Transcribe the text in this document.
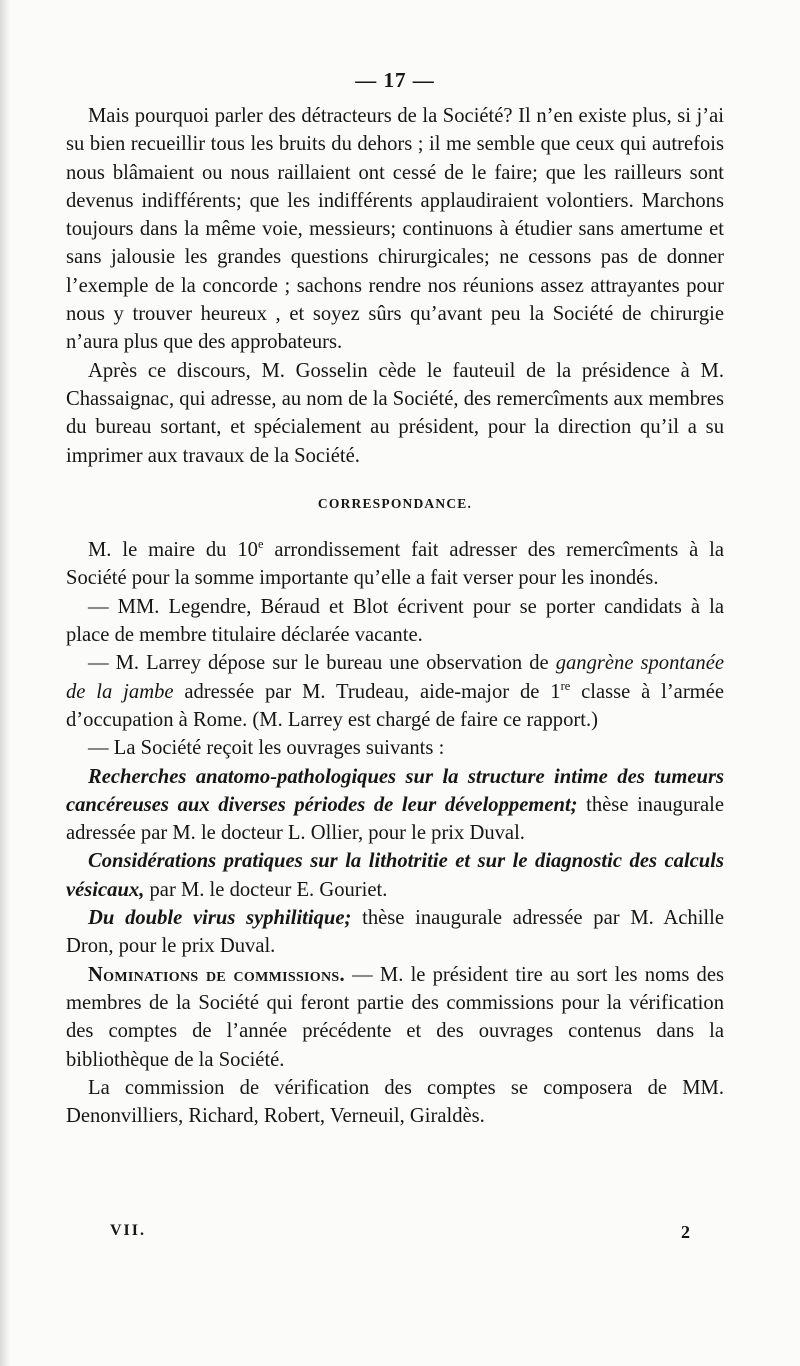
— 17 —

Mais pourquoi parler des détracteurs de la Société? Il n’en existe plus, si j’ai su bien recueillir tous les bruits du dehors ; il me semble que ceux qui autrefois nous blâmaient ou nous raillaient ont cessé de le faire; que les railleurs sont devenus indifférents; que les indifférents applaudiraient volontiers. Marchons toujours dans la même voie, messieurs; continuons à étudier sans amertume et sans jalousie les grandes questions chirurgicales; ne cessons pas de donner l’exemple de la concorde ; sachons rendre nos réunions assez attrayantes pour nous y trouver heureux , et soyez sûrs qu’avant peu la Société de chirurgie n’aura plus que des approbateurs.

Après ce discours, M. Gosselin cède le fauteuil de la présidence à M. Chassaignac, qui adresse, au nom de la Société, des remercîments aux membres du bureau sortant, et spécialement au président, pour la direction qu’il a su imprimer aux travaux de la Société.

CORRESPONDANCE.

M. le maire du 10e arrondissement fait adresser des remercîments à la Société pour la somme importante qu’elle a fait verser pour les inondés.

— MM. Legendre, Béraud et Blot écrivent pour se porter candidats à la place de membre titulaire déclarée vacante.

— M. Larrey dépose sur le bureau une observation de gangrène spontanée de la jambe adressée par M. Trudeau, aide-major de 1re classe à l’armée d’occupation à Rome. (M. Larrey est chargé de faire ce rapport.)

— La Société reçoit les ouvrages suivants :

Recherches anatomo-pathologiques sur la structure intime des tumeurs cancéreuses aux diverses périodes de leur développement; thèse inaugurale adressée par M. le docteur L. Ollier, pour le prix Duval.

Considérations pratiques sur la lithotritie et sur le diagnostic des calculs vésicaux, par M. le docteur E. Gouriet.

Du double virus syphilitique; thèse inaugurale adressée par M. Achille Dron, pour le prix Duval.

Nominations de commissions. — M. le président tire au sort les noms des membres de la Société qui feront partie des commissions pour la vérification des comptes de l’année précédente et des ouvrages contenus dans la bibliothèque de la Société.

La commission de vérification des comptes se composera de MM. Denonvilliers, Richard, Robert, Verneuil, Giraldès.

VII.	2
